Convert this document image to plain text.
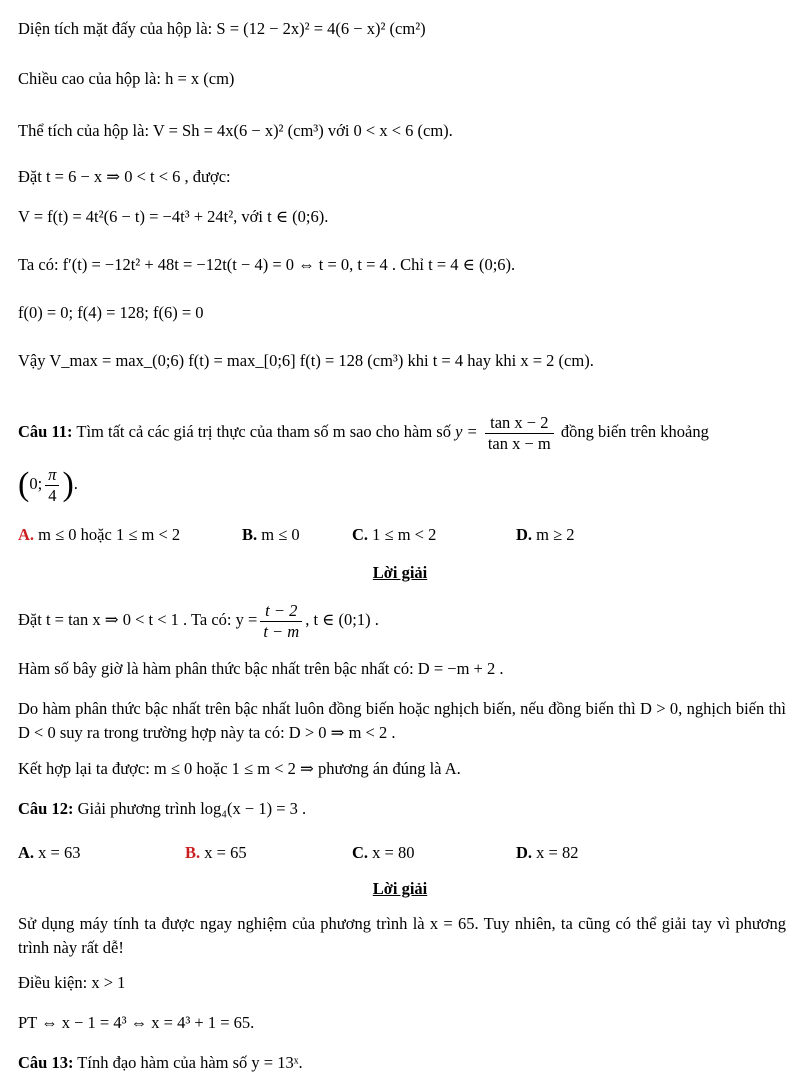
Diện tích mặt đấy của hộp là: S = (12 − 2x)² = 4(6 − x)² (cm²)
Chiều cao của hộp là: h = x (cm)
Thể tích của hộp là: V = Sh = 4x(6 − x)² (cm³) với 0 < x < 6 (cm).
Đặt t = 6 − x ⇒ 0 < t < 6 , được:
V = f(t) = 4t²(6 − t) = −4t³ + 24t², với t ∈ (0;6).
Ta có: f′(t) = −12t² + 48t = −12t(t − 4) = 0 ⇔ t = 0, t = 4 . Chỉ t = 4 ∈ (0;6).
f(0) = 0; f(4) = 128; f(6) = 0
Vậy V_max = max_(0;6) f(t) = max_[0;6] f(t) = 128 (cm³) khi t = 4 hay khi x = 2 (cm).
Câu 11: Tìm tất cả các giá trị thực của tham số m sao cho hàm số $y = \frac{\text{tan x − 2}}{\text{tan x − m}}$ đồng biến trên khoảng
(0; $\frac{\pi}{4}$ ).
A. m ≤ 0 hoặc 1 ≤ m < 2	B. m ≤ 0	C. 1 ≤ m < 2	D. m ≥ 2
Lời giải
Đặt t = tan x ⇒ 0 < t < 1 . Ta có: $y = \frac{t - 2}{t - m}$ , t ∈ (0;1) .
Hàm số bây giờ là hàm phân thức bậc nhất trên bậc nhất có: D = −m + 2 .
Do hàm phân thức bậc nhất trên bậc nhất luôn đồng biến hoặc nghịch biến, nếu đồng biến thì D > 0, nghịch biến thì D < 0 suy ra trong trường hợp này ta có: D > 0 ⇒ m < 2 .
Kết hợp lại ta được: m ≤ 0 hoặc 1 ≤ m < 2 ⇒ phương án đúng là A.
Câu 12: Giải phương trình log₄(x − 1) = 3 .
A. x = 63	B. x = 65	C. x = 80	D. x = 82
Lời giải
Sử dụng máy tính ta được ngay nghiệm của phương trình là x = 65. Tuy nhiên, ta cũng có thể giải tay vì phương trình này rất dễ!
Điều kiện: x > 1
PT ⇔ x − 1 = 4³ ⇔ x = 4³ + 1 = 65.
Câu 13: Tính đạo hàm của hàm số y = 13ˣ.
